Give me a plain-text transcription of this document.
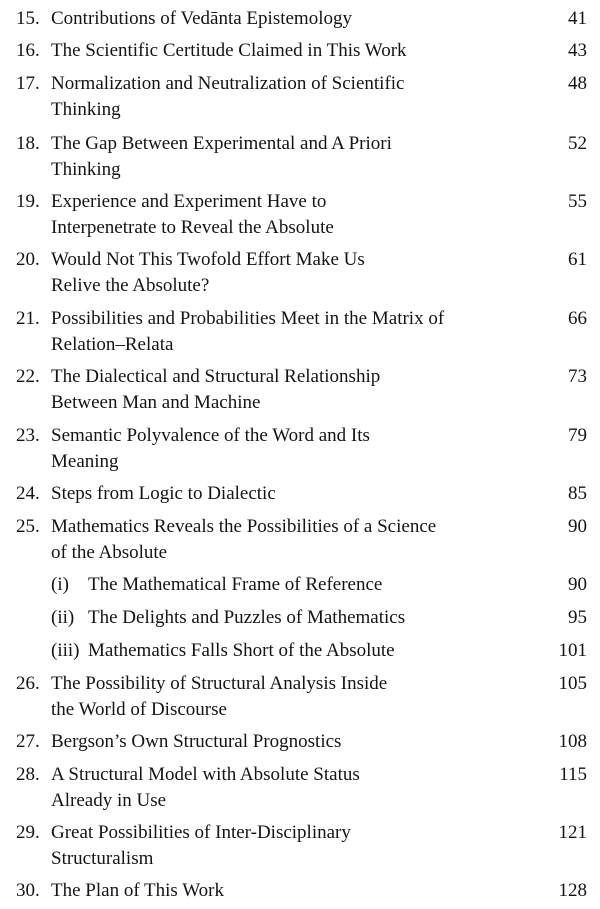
15. Contributions of Vedānta Epistemology	41
16. The Scientific Certitude Claimed in This Work	43
17. Normalization and Neutralization of Scientific
Thinking
48
18. The Gap Between Experimental and A Priori
Thinking
52
19. Experience and Experiment Have to
Interpenetrate to Reveal the Absolute
55
20. Would Not This Twofold Effort Make Us
Relive the Absolute?
61
21. Possibilities and Probabilities Meet in the Matrix of
Relation–Relata
66
22. The Dialectical and Structural Relationship
Between Man and Machine
73
23. Semantic Polyvalence of the Word and Its
Meaning
79
24. Steps from Logic to Dialectic	85
25. Mathematics Reveals the Possibilities of a Science
of the Absolute
90
(i)	The Mathematical Frame of Reference	90
(ii) The Delights and Puzzles of Mathematics	95
(iii) Mathematics Falls Short of the Absolute	101
26. The Possibility of Structural Analysis Inside
the World of Discourse
105
27. Bergson’s Own Structural Prognostics	108
28. A Structural Model with Absolute Status
Already in Use
115
29. Great Possibilities of Inter-Disciplinary
Structuralism
121
30. The Plan of This Work	128
